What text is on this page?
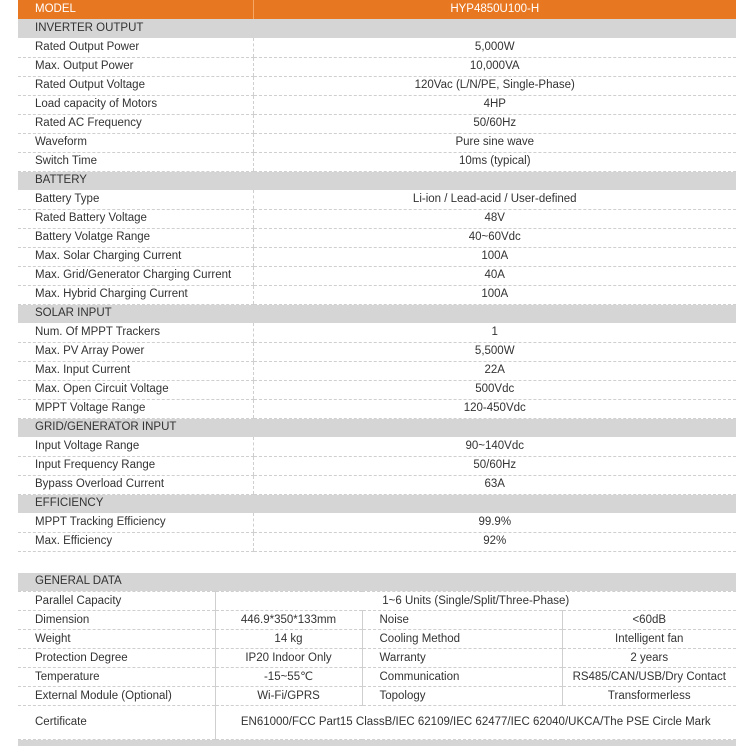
MODEL	HYP4850U100-H
INVERTER OUTPUT	
Rated Output Power	5,000W
Max. Output Power	10,000VA
Rated Output Voltage	120Vac (L/N/PE, Single-Phase)
Load capacity of Motors	4HP
Rated AC Frequency	50/60Hz
Waveform	Pure sine wave
Switch Time	10ms (typical)
BATTERY	
Battery Type	Li-ion / Lead-acid / User-defined
Rated Battery Voltage	48V
Battery Volatge Range	40~60Vdc
Max. Solar Charging Current	100A
Max. Grid/Generator Charging Current	40A
Max. Hybrid Charging Current	100A
SOLAR INPUT	
Num. Of MPPT Trackers	1
Max. PV Array Power	5,500W
Max. Input Current	22A
Max. Open Circuit Voltage	500Vdc
MPPT Voltage Range	120-450Vdc
GRID/GENERATOR INPUT	
Input Voltage Range	90~140Vdc
Input Frequency Range	50/60Hz
Bypass Overload Current	63A
EFFICIENCY	
MPPT Tracking Efficiency	99.9%
Max. Efficiency	92%
GENERAL DATA			
Parallel Capacity	1~6 Units (Single/Split/Three-Phase)		
Dimension	446.9*350*133mm	Noise	<60dB
Weight	14 kg	Cooling Method	Intelligent fan
Protection Degree	IP20 Indoor Only	Warranty	2 years
Temperature	-15~55℃	Communication	RS485/CAN/USB/Dry Contact
External Module (Optional)	Wi-Fi/GPRS	Topology	Transformerless
Certificate	EN61000/FCC Part15 ClassB/IEC 62109/IEC 62477/IEC 62040/UKCA/The PSE Circle Mark		
